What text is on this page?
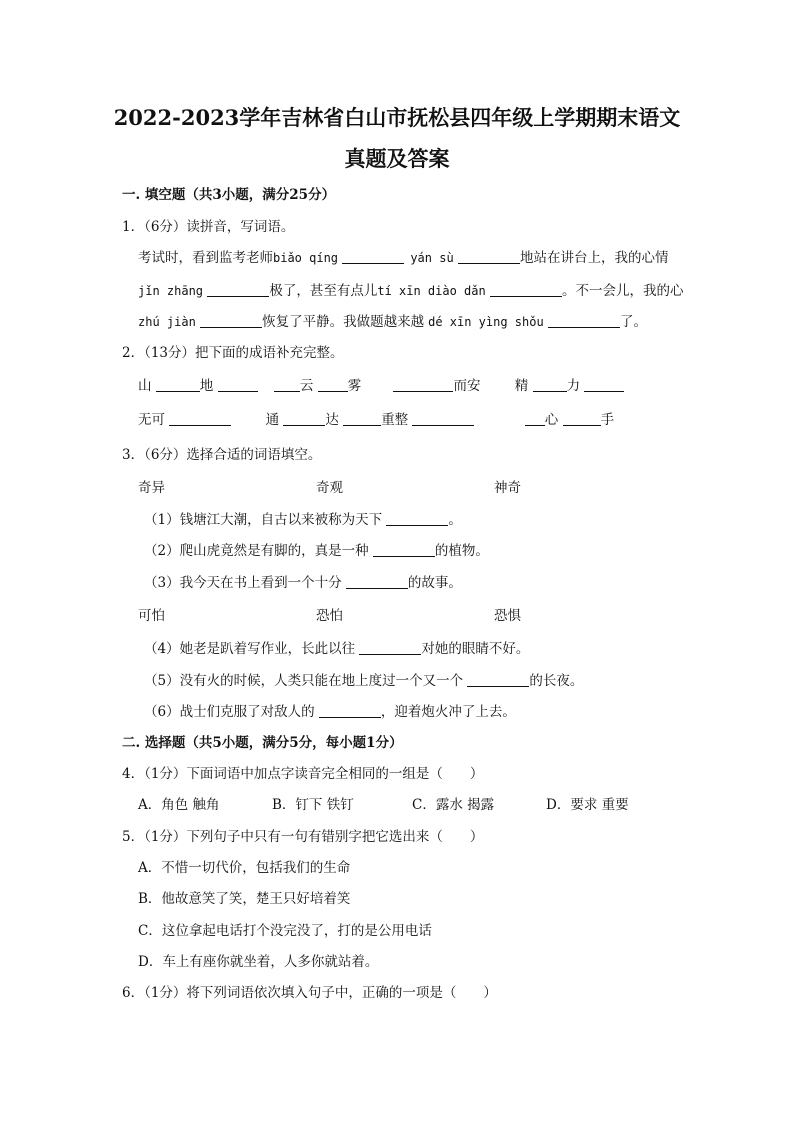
2022-2023学年吉林省白山市抚松县四年级上学期期末语文
真题及答案
一. 填空题（共3小题，满分25分）
1．（6分）读拼音，写词语。
考试时，看到监考老师biǎo qíng	yán sù	地站在讲台上，我的心情
jǐn zhāng	极了，甚至有点儿tí xīn diào dǎn	。不一会儿，我的心
zhú jiàn	恢复了平静。我做题越来越 dé xīn yìng shǒu	了。
2．（13分）把下面的成语补充完整。
山	地	云	雾	而安	精	力
无可	通	达	重整	心	手
3．（6分）选择合适的词语填空。
奇异	奇观	神奇
（1）钱塘江大潮，自古以来被称为天下	。
（2）爬山虎竟然是有脚的，真是一种	的植物。
（3）我今天在书上看到一个十分	的故事。
可怕	恐怕	恐惧
（4）她老是趴着写作业，长此以往	对她的眼睛不好。
（5）没有火的时候，人类只能在地上度过一个又一个	的长夜。
（6）战士们克服了对敌人的	，迎着炮火冲了上去。
二. 选择题（共5小题，满分5分，每小题1分）
4．（1分）下面词语中加点字读音完全相同的一组是（　　）
A．角色 触角	B．钉下 铁钉	C．露水 揭露	D．要求 重要
5．（1分）下列句子中只有一句有错别字把它选出来（　　）
A．不惜一切代价，包括我们的生命
B．他故意笑了笑，楚王只好培着笑
C．这位拿起电话打个没完没了，打的是公用电话
D．车上有座你就坐着，人多你就站着。
6．（1分）将下列词语依次填入句子中，正确的一项是（　　）
